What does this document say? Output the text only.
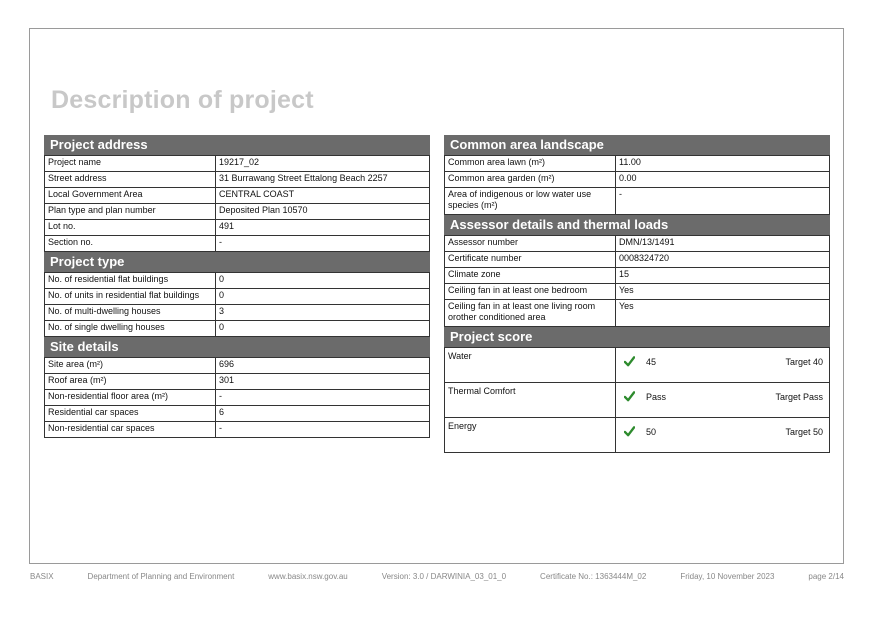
Description of project
Project address
Project name	19217_02
Street address	31 Burrawang Street Ettalong Beach 2257
Local Government Area	CENTRAL COAST
Plan type and plan number	Deposited Plan 10570
Lot no.	491
Section no.	-
Project type
No. of residential flat buildings	0
No. of units in residential flat buildings	0
No. of multi-dwelling houses	3
No. of single dwelling houses	0
Site details
Site area (m²)	696
Roof area (m²)	301
Non-residential floor area (m²)	-
Residential car spaces	6
Non-residential car spaces	-
Common area landscape
Common area lawn (m²)	11.00
Common area garden (m²)	0.00
Area of indigenous or low water use species (m²)	-
Assessor details and thermal loads
Assessor number	DMN/13/1491
Certificate number	0008324720
Climate zone	15
Ceiling fan in at least one bedroom	Yes
Ceiling fan in at least one living room orother conditioned area	Yes
Project score
Water	45 Target 40

Thermal Comfort	Pass Target Pass

Energy	50 Target 50
BASIX	Department of Planning and Environment	www.basix.nsw.gov.au	Version: 3.0 / DARWINIA_03_01_0	Certificate No.: 1363444M_02	Friday, 10 November 2023	page 2/14
